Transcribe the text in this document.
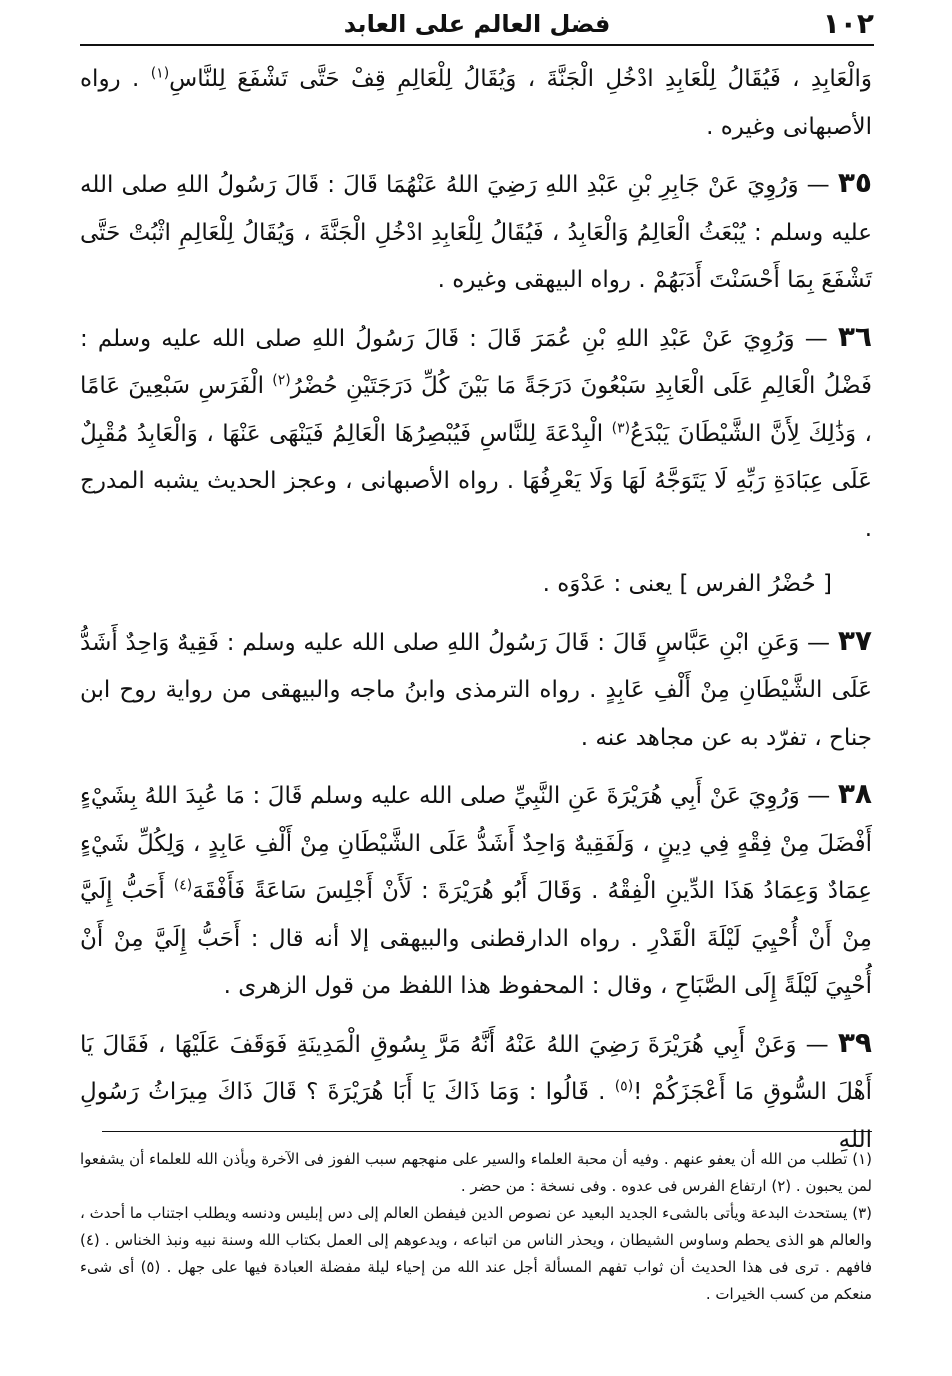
١٠٢
فضل العالم على العابد

وَالْعَابِدِ ، فَيُقَالُ لِلْعَابِدِ ادْخُلِ الْجَنَّةَ ، وَيُقَالُ لِلْعَالِمِ قِفْ حَتَّى تَشْفَعَ لِلنَّاسِ$^{(١)}$ . رواه الأصبهانى وغيره .

٣٥ — وَرُوِيَ عَنْ جَابِرِ بْنِ عَبْدِ اللهِ رَضِيَ اللهُ عَنْهُمَا قَالَ : قَالَ رَسُولُ اللهِ صلى الله عليه وسلم : يُبْعَثُ الْعَالِمُ وَالْعَابِدُ ، فَيُقَالُ لِلْعَابِدِ ادْخُلِ الْجَنَّةَ ، وَيُقَالُ لِلْعَالِمِ اثْبُتْ حَتَّى تَشْفَعَ بِمَا أَحْسَنْتَ أَدَبَهُمْ . رواه البيهقى وغيره .

٣٦ — وَرُوِيَ عَنْ عَبْدِ اللهِ بْنِ عُمَرَ قَالَ : قَالَ رَسُولُ اللهِ صلى الله عليه وسلم : فَضْلُ الْعَالِمِ عَلَى الْعَابِدِ سَبْعُونَ دَرَجَةً مَا بَيْنَ كُلِّ دَرَجَتَيْنِ حُضْرُ$^{(٢)}$ الْفَرَسِ سَبْعِينَ عَامًا ، وَذَٰلِكَ لِأَنَّ الشَّيْطَانَ يَبْدَعُ$^{(٣)}$ الْبِدْعَةَ لِلنَّاسِ فَيُبْصِرُهَا الْعَالِمُ فَيَنْهَى عَنْهَا ، وَالْعَابِدُ مُقْبِلٌ عَلَى عِبَادَةِ رَبِّهِ لَا يَتَوَجَّهُ لَهَا وَلَا يَعْرِفُهَا . رواه الأصبهانى ، وعجز الحديث يشبه المدرج .

[ حُضْرُ الفرس ] يعنى : عَدْوَه .

٣٧ — وَعَنِ ابْنِ عَبَّاسٍ قَالَ : قَالَ رَسُولُ اللهِ صلى الله عليه وسلم : فَقِيهٌ وَاحِدٌ أَشَدُّ عَلَى الشَّيْطَانِ مِنْ أَلْفِ عَابِدٍ . رواه الترمذى وابنُ ماجه والبيهقى من رواية روح ابن جناح ، تفرّد به عن مجاهد عنه .

٣٨ — وَرُوِيَ عَنْ أَبِي هُرَيْرَةَ عَنِ النَّبِيِّ صلى الله عليه وسلم قَالَ : مَا عُبِدَ اللهُ بِشَيْءٍ أَفْضَلَ مِنْ فِقْهٍ فِي دِينٍ ، وَلَفَقِيهٌ وَاحِدٌ أَشَدُّ عَلَى الشَّيْطَانِ مِنْ أَلْفِ عَابِدٍ ، وَلِكُلِّ شَيْءٍ عِمَادٌ وَعِمَادُ هَذَا الدِّينِ الْفِقْهُ . وَقَالَ أَبُو هُرَيْرَةَ : لَأَنْ أَجْلِسَ سَاعَةً فَأَفْقَهَ$^{(٤)}$ أَحَبُّ إِلَيَّ مِنْ أَنْ أُحْيِيَ لَيْلَةَ الْقَدْرِ . رواه الدارقطنى والبيهقى إلا أنه قال : أَحَبُّ إِلَيَّ مِنْ أَنْ أُحْيِيَ لَيْلَةً إِلَى الصَّبَاحِ ، وقال : المحفوظ هذا اللفظ من قول الزهرى .

٣٩ — وَعَنْ أَبِي هُرَيْرَةَ رَضِيَ اللهُ عَنْهُ أَنَّهُ مَرَّ بِسُوقِ الْمَدِينَةِ فَوَقَفَ عَلَيْهَا ، فَقَالَ يَا أَهْلَ السُّوقِ مَا أَعْجَزَكُمْ !$^{(٥)}$ . قَالُوا : وَمَا ذَاكَ يَا أَبَا هُرَيْرَةَ ؟ قَالَ ذَاكَ مِيرَاثُ رَسُولِ اللهِ

(١) تطلب من الله أن يعفو عنهم . وفيه أن محبة العلماء والسير على منهجهم سبب الفوز فى الآخرة ويأذن الله للعلماء أن يشفعوا لمن يحبون . (٢) ارتفاع الفرس فى عدوه . وفى نسخة : من حضر .

(٣) يستحدث البدعة ويأتى بالشىء الجديد البعيد عن نصوص الدين فيفطن العالم إلى دس إبليس ودنسه ويطلب اجتناب ما أحدث ، والعالم هو الذى يحطم وساوس الشيطان ، ويحذر الناس من اتباعه ، ويدعوهم إلى العمل بكتاب الله وسنة نبيه ونبذ الخناس . (٤) فافهم . ترى فى هذا الحديث أن ثواب تفهم المسألة أجل عند الله من إحياء ليلة مفضلة العبادة فيها على جهل . (٥) أى شىء منعكم من كسب الخيرات .
